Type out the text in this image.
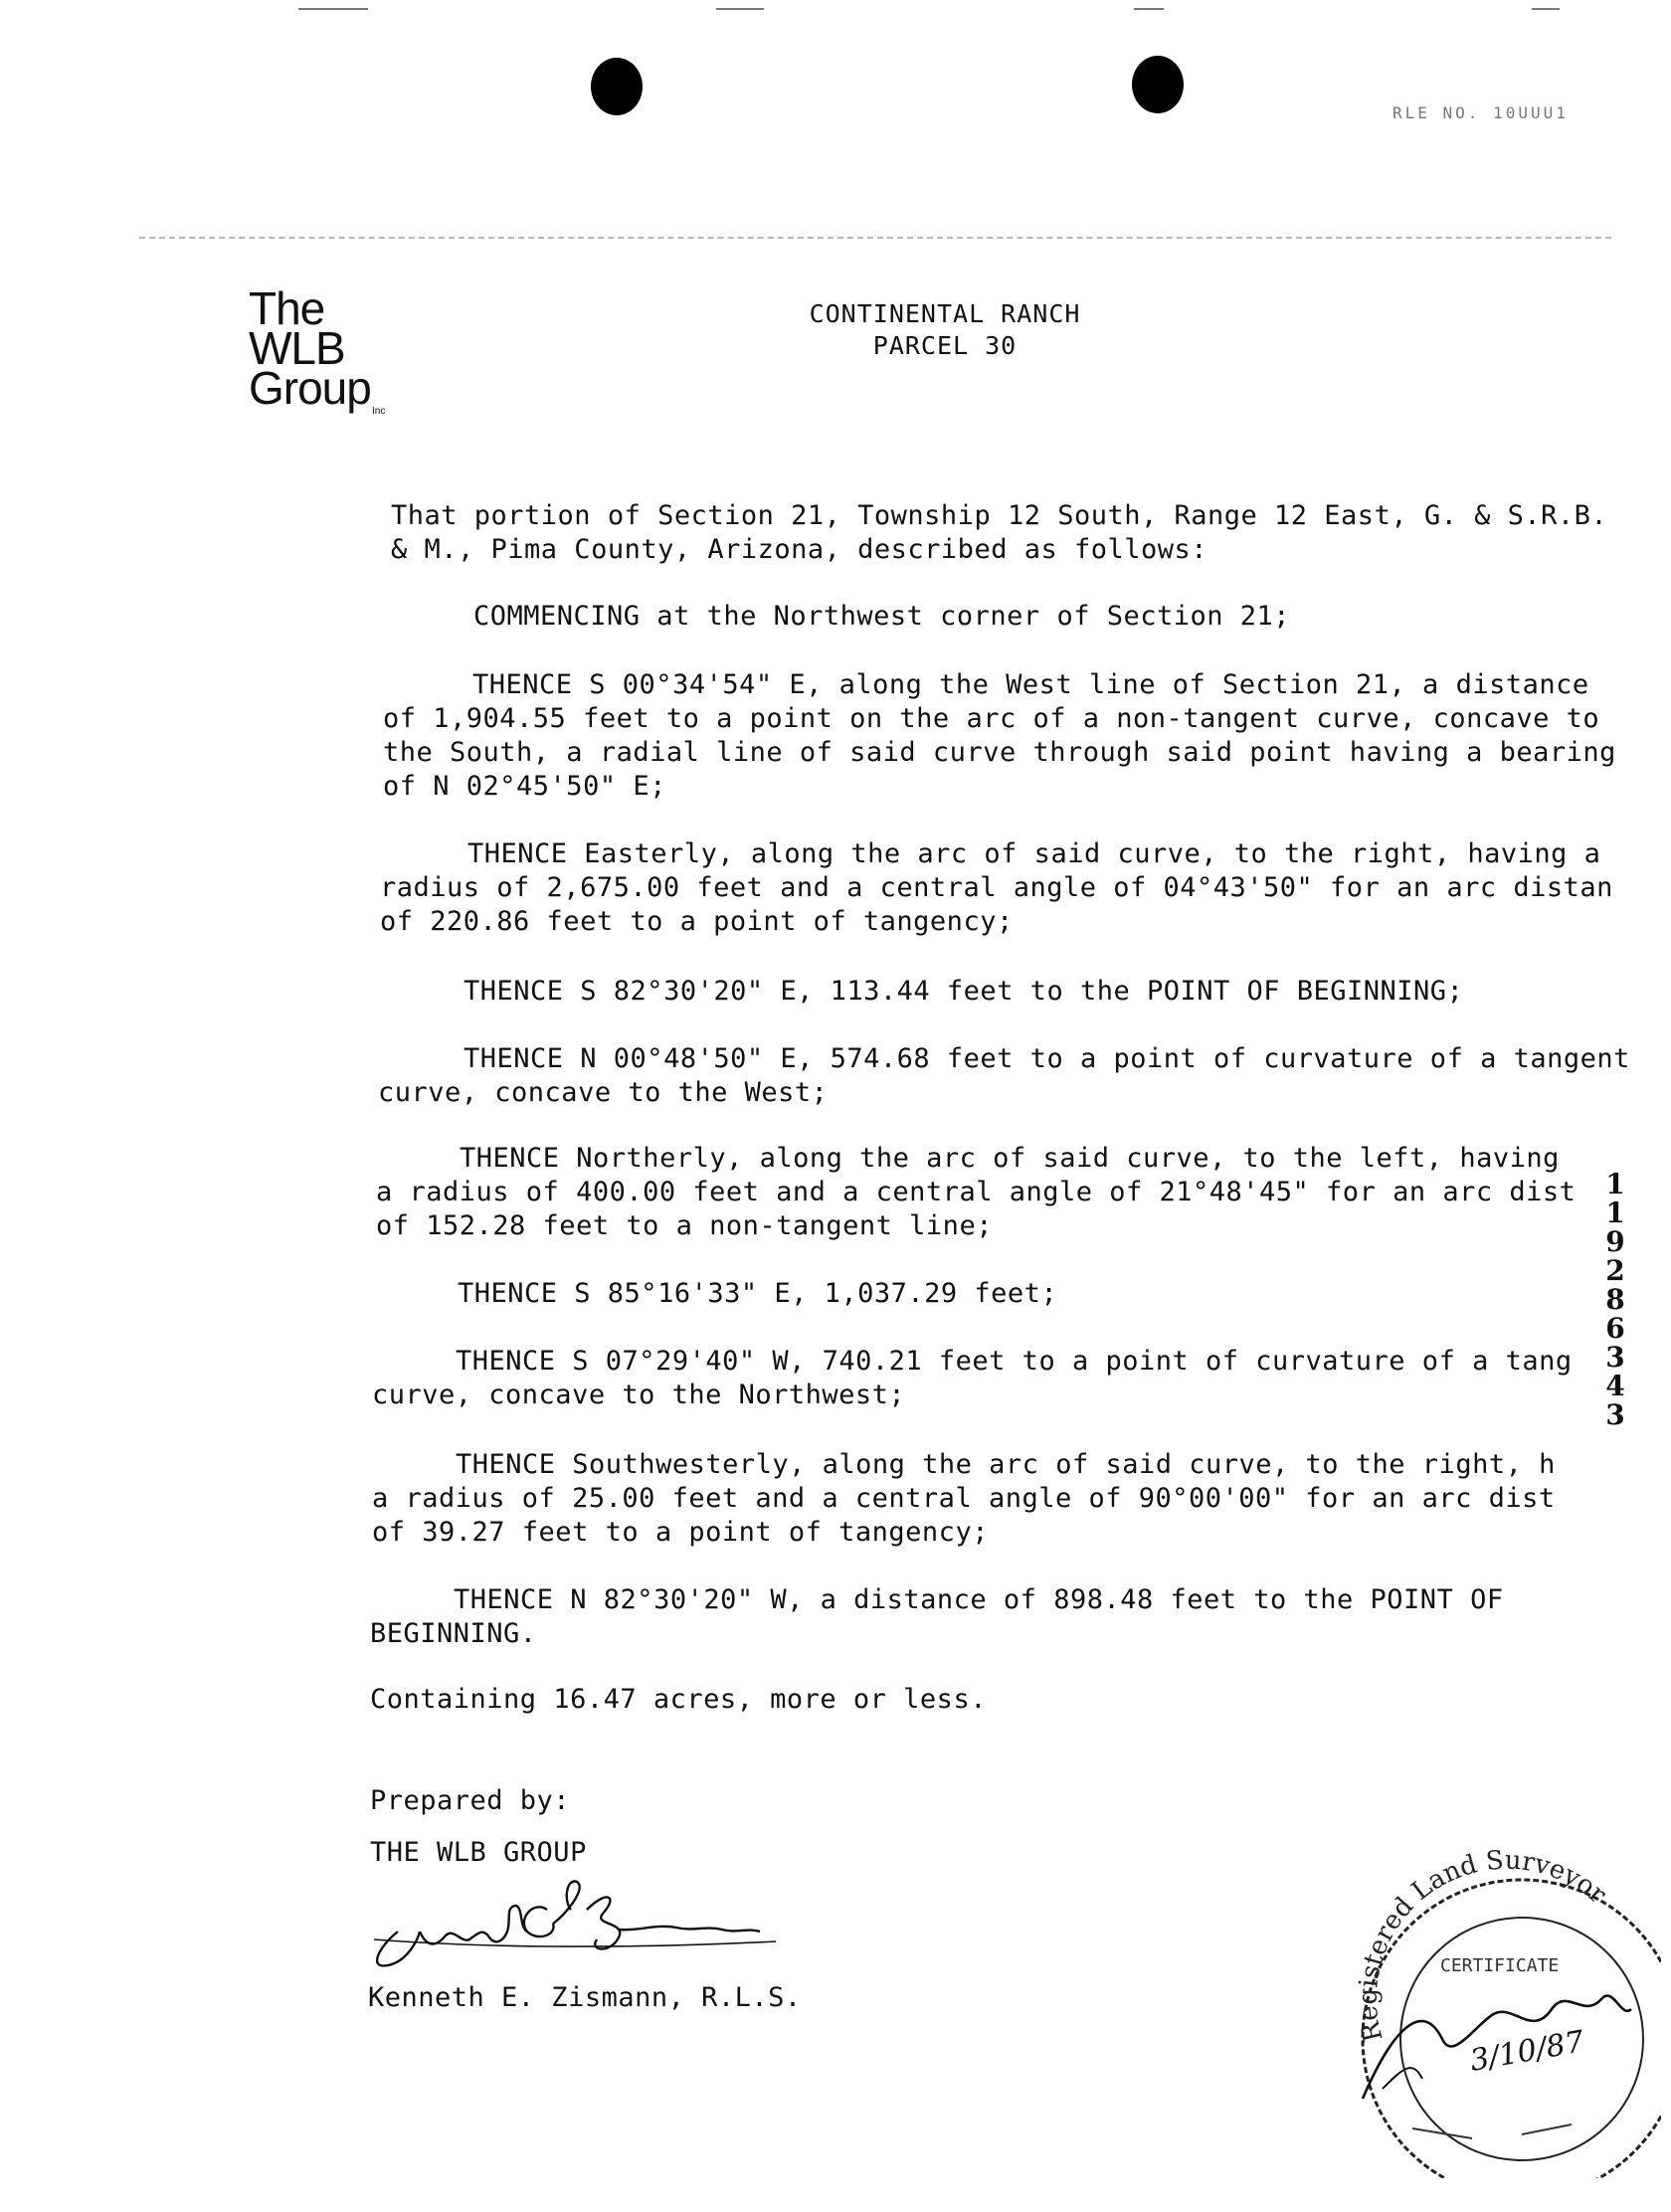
RLE NO. 10UUU1
The
WLB
Group Inc
CONTINENTAL RANCH
PARCEL 30
That portion of Section 21, Township 12 South, Range 12 East, G. & S.R.B.
& M., Pima County, Arizona, described as follows:
COMMENCING at the Northwest corner of Section 21;
THENCE S 00°34'54" E, along the West line of Section 21, a distance
of 1,904.55 feet to a point on the arc of a non-tangent curve, concave to
the South, a radial line of said curve through said point having a bearing
of N 02°45'50" E;
THENCE Easterly, along the arc of said curve, to the right, having a
radius of 2,675.00 feet and a central angle of 04°43'50" for an arc distan
of 220.86 feet to a point of tangency;
THENCE S 82°30'20" E, 113.44 feet to the POINT OF BEGINNING;
THENCE N 00°48'50" E, 574.68 feet to a point of curvature of a tangent
curve, concave to the West;
THENCE Northerly, along the arc of said curve, to the left, having
a radius of 400.00 feet and a central angle of 21°48'45" for an arc dist
of 152.28 feet to a non-tangent line;
THENCE S 85°16'33" E, 1,037.29 feet;
THENCE S 07°29'40" W, 740.21 feet to a point of curvature of a tang
curve, concave to the Northwest;
THENCE Southwesterly, along the arc of said curve, to the right, h
a radius of 25.00 feet and a central angle of 90°00'00" for an arc dist
of 39.27 feet to a point of tangency;
THENCE N 82°30'20" W, a distance of 898.48 feet to the POINT OF
BEGINNING.
Containing 16.47 acres, more or less.
1
1
9
2
8
6
3
4
3
Prepared by:
THE WLB GROUP
Kenneth E. Zismann, R.L.S.
Registered Land Surveyor
CERTIFICATE
3/10/87
